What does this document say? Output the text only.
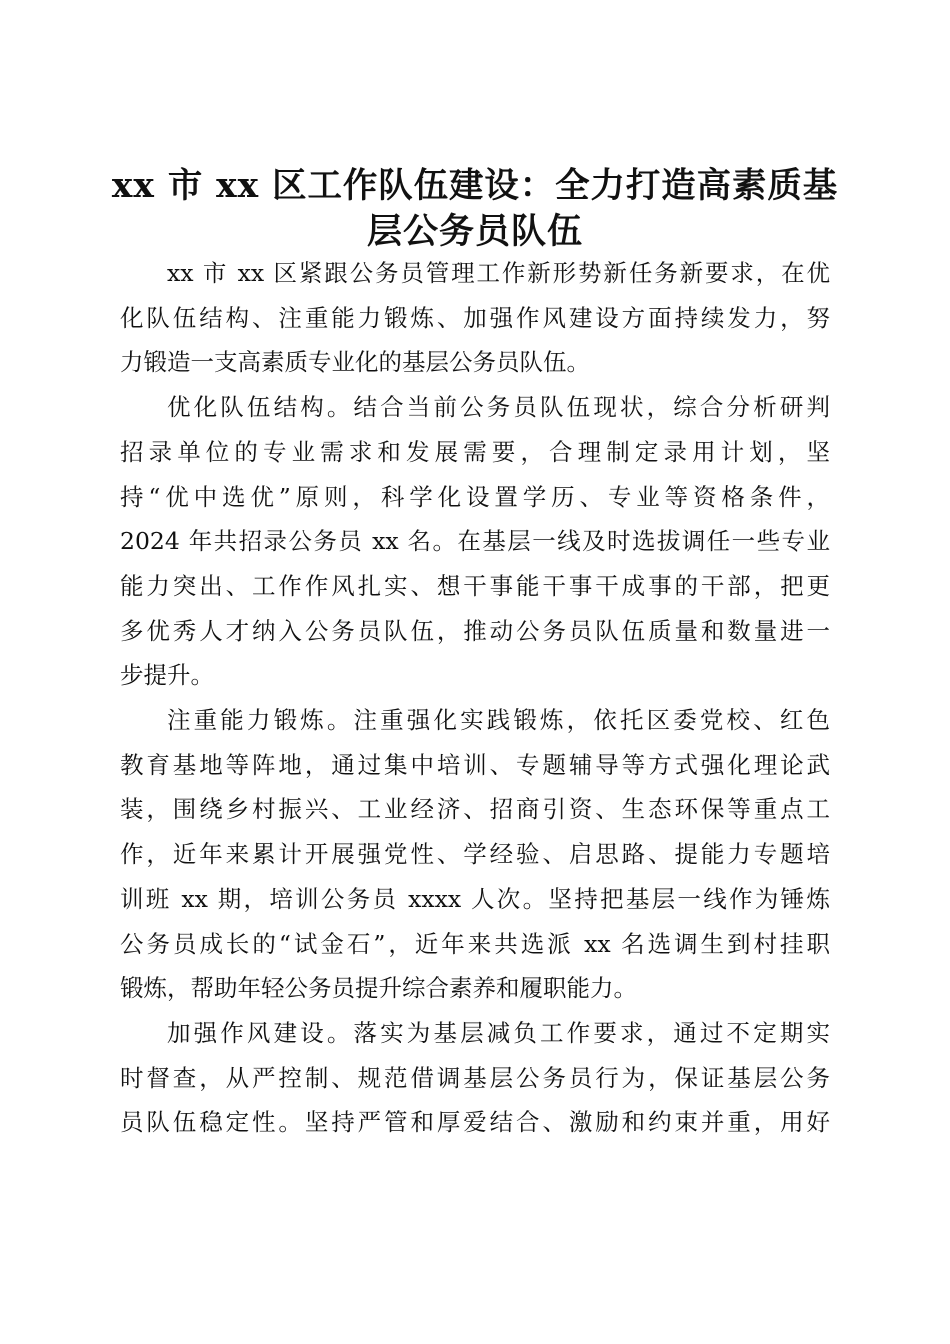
xx 市 xx 区工作队伍建设：全力打造高素质基
层公务员队伍

xx 市 xx 区紧跟公务员管理工作新形势新任务新要求，在优
化队伍结构、注重能力锻炼、加强作风建设方面持续发力，努
力锻造一支高素质专业化的基层公务员队伍。

优化队伍结构。结合当前公务员队伍现状，综合分析研判
招录单位的专业需求和发展需要，合理制定录用计划，坚
持“优中选优”原则，科学化设置学历、专业等资格条件，
2024 年共招录公务员 xx 名。在基层一线及时选拔调任一些专业
能力突出、工作作风扎实、想干事能干事干成事的干部，把更
多优秀人才纳入公务员队伍，推动公务员队伍质量和数量进一
步提升。

注重能力锻炼。注重强化实践锻炼，依托区委党校、红色
教育基地等阵地，通过集中培训、专题辅导等方式强化理论武
装，围绕乡村振兴、工业经济、招商引资、生态环保等重点工
作，近年来累计开展强党性、学经验、启思路、提能力专题培
训班 xx 期，培训公务员 xxxx 人次。坚持把基层一线作为锤炼
公务员成长的“试金石”，近年来共选派 xx 名选调生到村挂职
锻炼，帮助年轻公务员提升综合素养和履职能力。

加强作风建设。落实为基层减负工作要求，通过不定期实
时督查，从严控制、规范借调基层公务员行为，保证基层公务
员队伍稳定性。坚持严管和厚爱结合、激励和约束并重，用好
